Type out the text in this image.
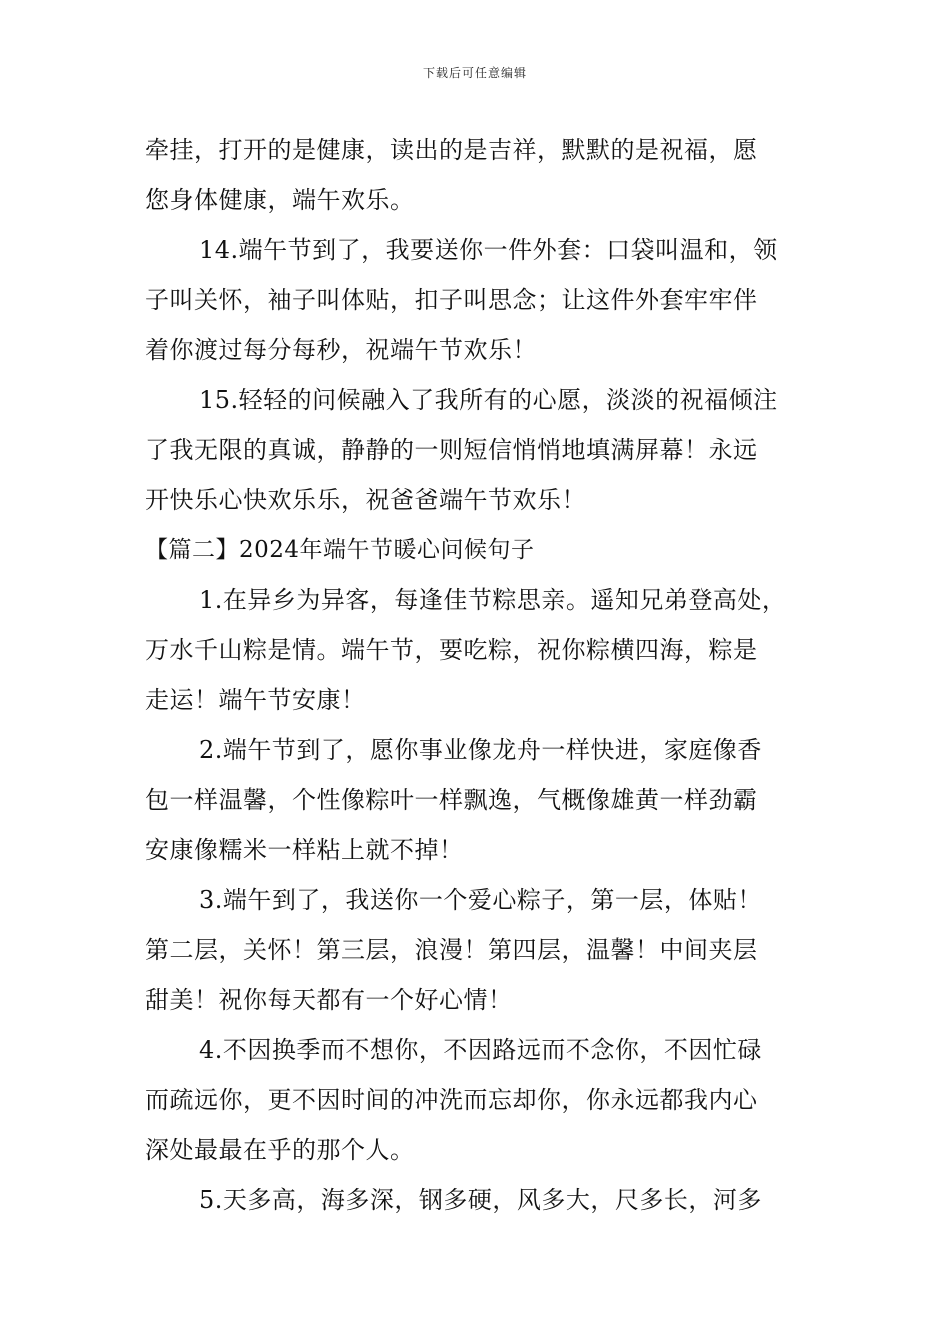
下载后可任意编辑
牵挂，打开的是健康，读出的是吉祥，默默的是祝福，愿
您身体健康，端午欢乐。
14.端午节到了，我要送你一件外套：口袋叫温和，领
子叫关怀，袖子叫体贴，扣子叫思念；让这件外套牢牢伴
着你渡过每分每秒，祝端午节欢乐！
15.轻轻的问候融入了我所有的心愿，淡淡的祝福倾注
了我无限的真诚，静静的一则短信悄悄地填满屏幕！永远
开快乐心快欢乐乐，祝爸爸端午节欢乐！
【篇二】2024年端午节暖心问候句子
1.在异乡为异客，每逢佳节粽思亲。遥知兄弟登高处，
万水千山粽是情。端午节，要吃粽，祝你粽横四海，粽是
走运！端午节安康！
2.端午节到了，愿你事业像龙舟一样快进，家庭像香
包一样温馨，个性像粽叶一样飘逸，气概像雄黄一样劲霸
安康像糯米一样粘上就不掉！
3.端午到了，我送你一个爱心粽子，第一层，体贴！
第二层，关怀！第三层，浪漫！第四层，温馨！中间夹层
甜美！祝你每天都有一个好心情！
4.不因换季而不想你，不因路远而不念你，不因忙碌
而疏远你，更不因时间的冲洗而忘却你，你永远都我内心
深处最最在乎的那个人。
5.天多高，海多深，钢多硬，风多大，尺多长，河多
